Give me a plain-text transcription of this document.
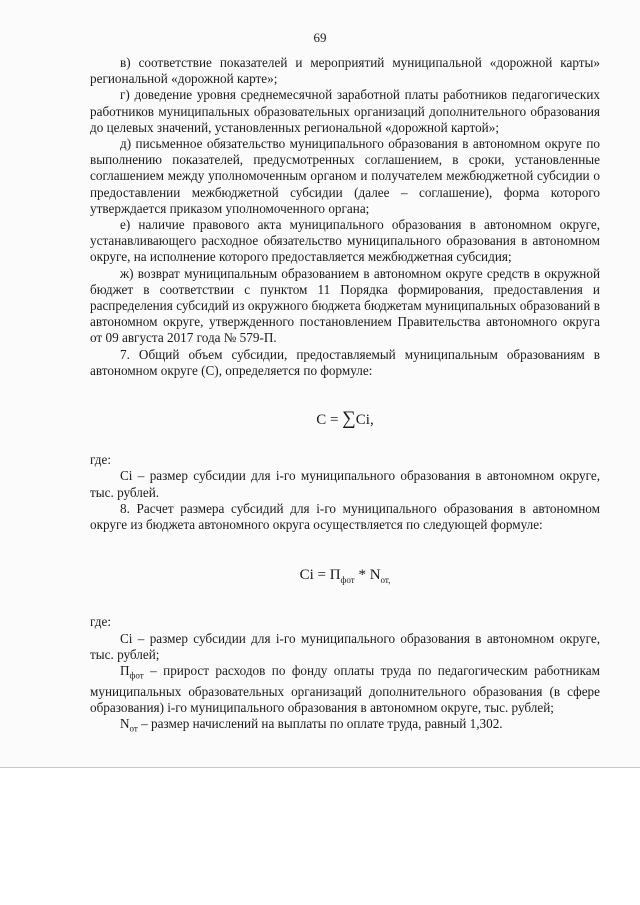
69

в) соответствие показателей и мероприятий муниципальной «дорожной карты» региональной «дорожной карте»;

г) доведение уровня среднемесячной заработной платы работников педагогических работников муниципальных образовательных организаций дополнительного образования до целевых значений, установленных региональной «дорожной картой»;

д) письменное обязательство муниципального образования в автономном округе по выполнению показателей, предусмотренных соглашением, в сроки, установленные соглашением между уполномоченным органом и получателем межбюджетной субсидии о предоставлении межбюджетной субсидии (далее – соглашение), форма которого утверждается приказом уполномоченного органа;

е) наличие правового акта муниципального образования в автономном округе, устанавливающего расходное обязательство муниципального образования в автономном округе, на исполнение которого предоставляется межбюджетная субсидия;

ж) возврат муниципальным образованием в автономном округе средств в окружной бюджет в соответствии с пунктом 11 Порядка формирования, предоставления и распределения субсидий из окружного бюджета бюджетам муниципальных образований в автономном округе, утвержденного постановлением Правительства автономного округа от 09 августа 2017 года № 579-П.

7. Общий объем субсидии, предоставляемый муниципальным образованиям в автономном округе (С), определяется по формуле:

C = ∑Ci,

где:

Ci – размер субсидии для i-го муниципального образования в автономном округе, тыс. рублей.

8. Расчет размера субсидий для i-го муниципального образования в автономном округе из бюджета автономного округа осуществляется по следующей формуле:

$Ci = П_{фот} * N_{от,}$

где:

Ci – размер субсидии для i-го муниципального образования в автономном округе, тыс. рублей;

$П_{фот}$ – прирост расходов по фонду оплаты труда по педагогическим работникам муниципальных образовательных организаций дополнительного образования (в сфере образования) i-го муниципального образования в автономном округе, тыс. рублей;

$N_{от}$ – размер начислений на выплаты по оплате труда, равный 1,302.
